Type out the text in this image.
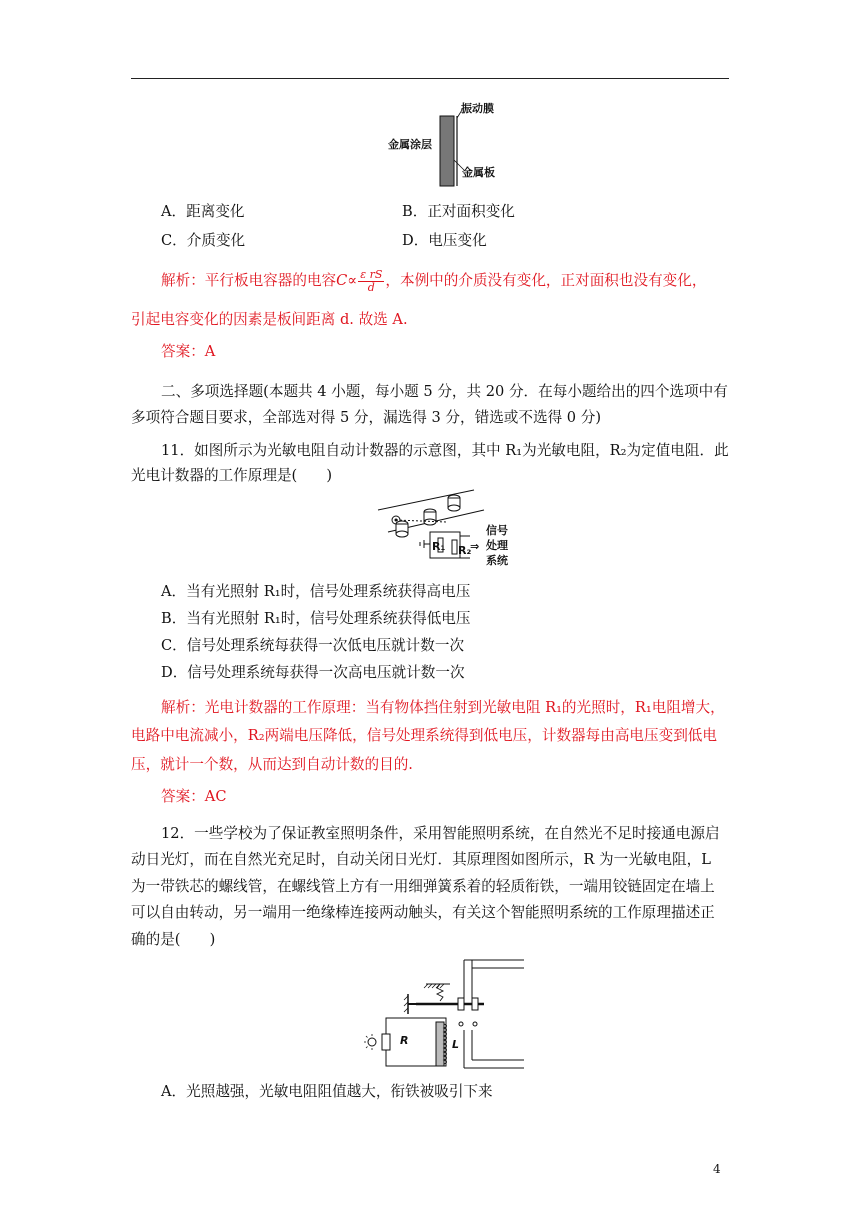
振动膜
金属涂层
金属板
A．距离变化	B．正对面积变化
C．介质变化	D．电压变化
解析：平行板电容器的电容$C\propto \frac{\text{ε rS}}{d}$ ，本例中的介质没有变化，正对面积也没有变化，
引起电容变化的因素是板间距离 d. 故选 A.
答案：A
二、多项选择题(本题共 4 小题，每小题 5 分，共 20 分．在每小题给出的四个选项中有
多项符合题目要求，全部选对得 5 分，漏选得 3 分，错选或不选得 0 分)
11．如图所示为光敏电阻自动计数器的示意图，其中 R₁为光敏电阻，R₂为定值电阻．此
光电计数器的工作原理是(　　)
R₁ R₂
⇒
信号
处理
系统
A．当有光照射 R₁时，信号处理系统获得高电压
B．当有光照射 R₁时，信号处理系统获得低电压
C．信号处理系统每获得一次低电压就计数一次
D．信号处理系统每获得一次高电压就计数一次
解析：光电计数器的工作原理：当有物体挡住射到光敏电阻 R₁的光照时，R₁电阻增大，
电路中电流减小，R₂两端电压降低，信号处理系统得到低电压，计数器每由高电压变到低电
压，就计一个数，从而达到自动计数的目的.
答案：AC
12．一些学校为了保证教室照明条件，采用智能照明系统，在自然光不足时接通电源启
动日光灯，而在自然光充足时，自动关闭日光灯．其原理图如图所示，R 为一光敏电阻，L
为一带铁芯的螺线管，在螺线管上方有一用细弹簧系着的轻质衔铁，一端用铰链固定在墙上
可以自由转动，另一端用一绝缘棒连接两动触头，有关这个智能照明系统的工作原理描述正
确的是(　　)
R	L
A．光照越强，光敏电阻阻值越大，衔铁被吸引下来
4
